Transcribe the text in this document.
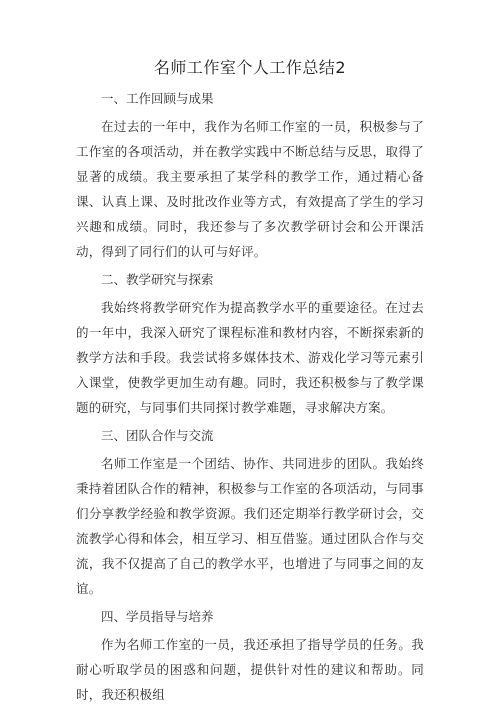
名师工作室个人工作总结2
一、工作回顾与成果
在过去的一年中，我作为名师工作室的一员，积极参与了工作室的各项活动，并在教学实践中不断总结与反思，取得了显著的成绩。我主要承担了某学科的教学工作，通过精心备课、认真上课、及时批改作业等方式，有效提高了学生的学习兴趣和成绩。同时，我还参与了多次教学研讨会和公开课活动，得到了同行们的认可与好评。
二、教学研究与探索
我始终将教学研究作为提高教学水平的重要途径。在过去的一年中，我深入研究了课程标准和教材内容，不断探索新的教学方法和手段。我尝试将多媒体技术、游戏化学习等元素引入课堂，使教学更加生动有趣。同时，我还积极参与了教学课题的研究，与同事们共同探讨教学难题，寻求解决方案。
三、团队合作与交流
名师工作室是一个团结、协作、共同进步的团队。我始终秉持着团队合作的精神，积极参与工作室的各项活动，与同事们分享教学经验和教学资源。我们还定期举行教学研讨会，交流教学心得和体会，相互学习、相互借鉴。通过团队合作与交流，我不仅提高了自己的教学水平，也增进了与同事之间的友谊。
四、学员指导与培养
作为名师工作室的一员，我还承担了指导学员的任务。我耐心听取学员的困惑和问题，提供针对性的建议和帮助。同时，我还积极组
